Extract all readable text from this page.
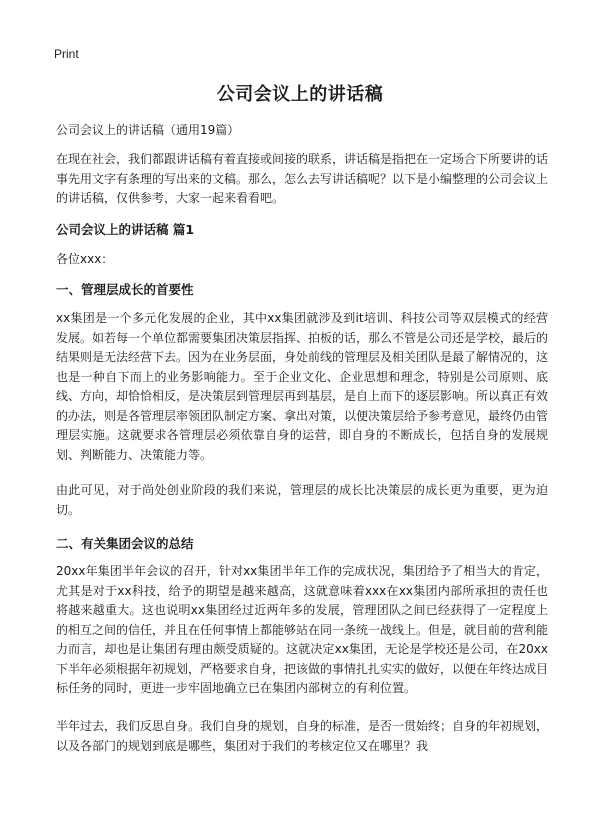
Print
公司会议上的讲话稿

公司会议上的讲话稿（通用19篇）

在现在社会，我们都跟讲话稿有着直接或间接的联系，讲话稿是指把在一定场合下所要讲的话事先用文字有条理的写出来的文稿。那么，怎么去写讲话稿呢？以下是小编整理的公司会议上的讲话稿，仅供参考，大家一起来看看吧。

公司会议上的讲话稿 篇1

各位xxx：

一、管理层成长的首要性

xx集团是一个多元化发展的企业，其中xx集团就涉及到it培训、科技公司等双层模式的经营发展。如若每一个单位都需要集团决策层指挥、拍板的话，那么不管是公司还是学校，最后的结果则是无法经营下去。因为在业务层面，身处前线的管理层及相关团队是最了解情况的，这也是一种自下而上的业务影响能力。至于企业文化、企业思想和理念，特别是公司原则、底线、方向，却恰恰相反，是决策层到管理层再到基层，是自上而下的逐层影响。所以真正有效的办法，则是各管理层率领团队制定方案、拿出对策，以便决策层给予参考意见，最终仍由管理层实施。这就要求各管理层必须依靠自身的运营，即自身的不断成长，包括自身的发展规划、判断能力、决策能力等。

由此可见，对于尚处创业阶段的我们来说，管理层的成长比决策层的成长更为重要，更为迫切。

二、有关集团会议的总结

20xx年集团半年会议的召开，针对xx集团半年工作的完成状况，集团给予了相当大的肯定，尤其是对于xx科技，给予的期望是越来越高，这就意味着xxx在xx集团内部所承担的责任也将越来越重大。这也说明xx集团经过近两年多的发展，管理团队之间已经获得了一定程度上的相互之间的信任，并且在任何事情上都能够站在同一条统一战线上。但是，就目前的营利能力而言，却也是让集团有理由颇受质疑的。这就决定xx集团，无论是学校还是公司，在20xx下半年必须根据年初规划，严格要求自身，把该做的事情扎扎实实的做好，以便在年终达成目标任务的同时，更进一步牢固地确立已在集团内部树立的有利位置。

半年过去，我们反思自身。我们自身的规划，自身的标准，是否一贯始终；自身的年初规划，以及各部门的规划到底是哪些，集团对于我们的考核定位又在哪里？我
